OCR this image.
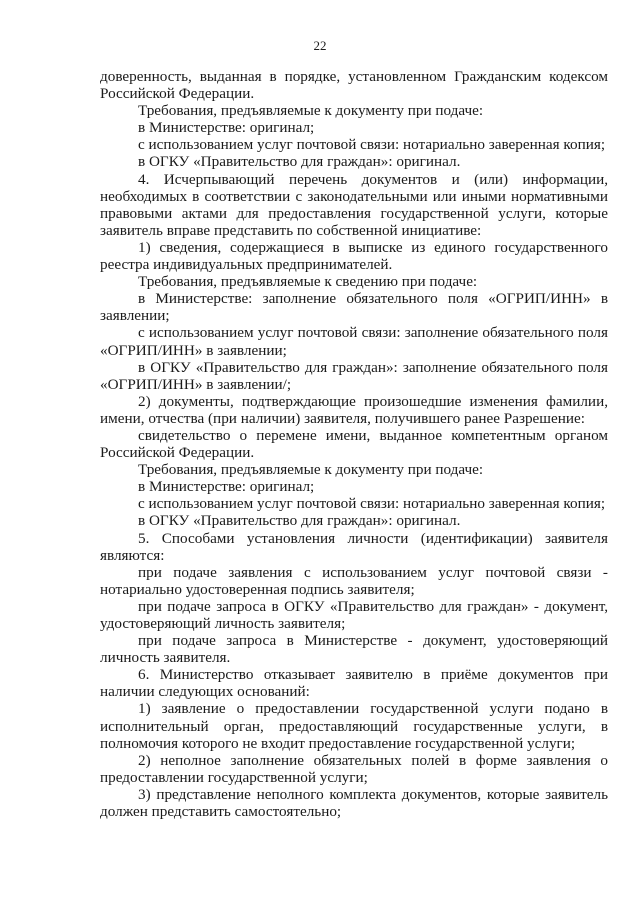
22

доверенность, выданная в порядке, установленном Гражданским кодексом Российской Федерации.

Требования, предъявляемые к документу при подаче:

в Министерстве: оригинал;

с использованием услуг почтовой связи: нотариально заверенная копия;

в ОГКУ «Правительство для граждан»: оригинал.

4. Исчерпывающий перечень документов и (или) информации, необходимых в соответствии с законодательными или иными нормативными правовыми актами для предоставления государственной услуги, которые заявитель вправе представить по собственной инициативе:

1) сведения, содержащиеся в выписке из единого государственного реестра индивидуальных предпринимателей.

Требования, предъявляемые к сведению при подаче:

в Министерстве: заполнение обязательного поля «ОГРИП/ИНН» в заявлении;

с использованием услуг почтовой связи: заполнение обязательного поля «ОГРИП/ИНН» в заявлении;

в ОГКУ «Правительство для граждан»: заполнение обязательного поля «ОГРИП/ИНН» в заявлении/;

2) документы, подтверждающие произошедшие изменения фамилии, имени, отчества (при наличии) заявителя, получившего ранее Разрешение:

свидетельство о перемене имени, выданное компетентным органом Российской Федерации.

Требования, предъявляемые к документу при подаче:

в Министерстве: оригинал;

с использованием услуг почтовой связи: нотариально заверенная копия;

в ОГКУ «Правительство для граждан»: оригинал.

5. Способами установления личности (идентификации) заявителя являются:

при подаче заявления с использованием услуг почтовой связи - нотариально удостоверенная подпись заявителя;

при подаче запроса в ОГКУ «Правительство для граждан» - документ, удостоверяющий личность заявителя;

при подаче запроса в Министерстве - документ, удостоверяющий личность заявителя.

6. Министерство отказывает заявителю в приёме документов при наличии следующих оснований:

1) заявление о предоставлении государственной услуги подано в исполнительный орган, предоставляющий государственные услуги, в полномочия которого не входит предоставление государственной услуги;

2) неполное заполнение обязательных полей в форме заявления о предоставлении государственной услуги;

3) представление неполного комплекта документов, которые заявитель должен представить самостоятельно;
